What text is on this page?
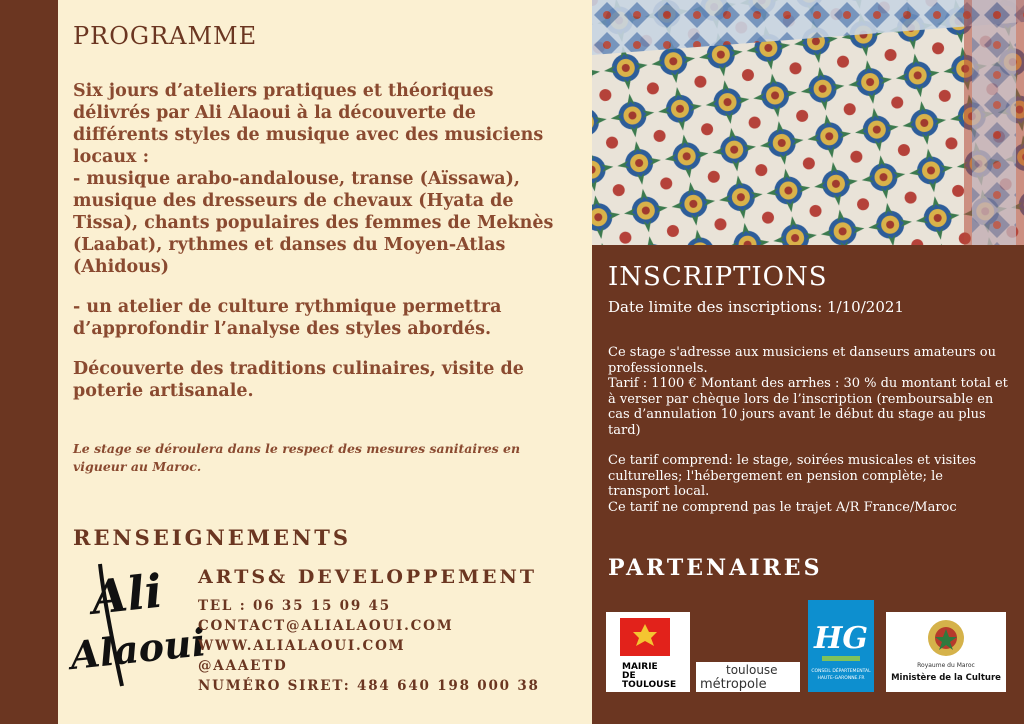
PROGRAMME

Six jours d’ateliers pratiques et théoriques délivrés par Ali Alaoui à la découverte de différents styles de musique avec des musiciens locaux :

- musique arabo-andalouse, transe (Aïssawa), musique des dresseurs de chevaux (Hyata de Tissa), chants populaires des femmes de Meknès (Laabat), rythmes et danses du Moyen-Atlas (Ahidous)

- un atelier de culture rythmique permettra d’approfondir l’analyse des styles abordés.

Découverte des traditions culinaires, visite de poterie artisanale.

Le stage se déroulera dans le respect des mesures sanitaires en vigueur au Maroc.
RENSEIGNEMENTS
Ali
Alaoui
ARTS& DEVELOPPEMENT
TEL : 06 35 15 09 45
CONTACT@ALIALAOUI.COM
WWW.ALIALAOUI.COM
@AAAETD
NUMÉRO SIRET: 484 640 198 000 38
INSCRIPTIONS
Date limite des inscriptions: 1/10/2021
Ce stage s'adresse aux musiciens et danseurs amateurs ou professionnels.
Tarif : 1100 € Montant des arrhes : 30 % du montant total et à verser par chèque lors de l’inscription (remboursable en cas d’annulation 10 jours avant le début du stage au plus tard)
Ce tarif comprend: le stage, soirées musicales et visites culturelles; l'hébergement en pension complète; le transport local.
Ce tarif ne comprend pas le trajet A/R France/Maroc
PARTENAIRES
MAIRIE
DE
TOULOUSE
toulouse
métropole
HG
CONSEIL DÉPARTEMENTAL
HAUTE-GARONNE.FR
Royaume du Maroc
Ministère de la Culture
